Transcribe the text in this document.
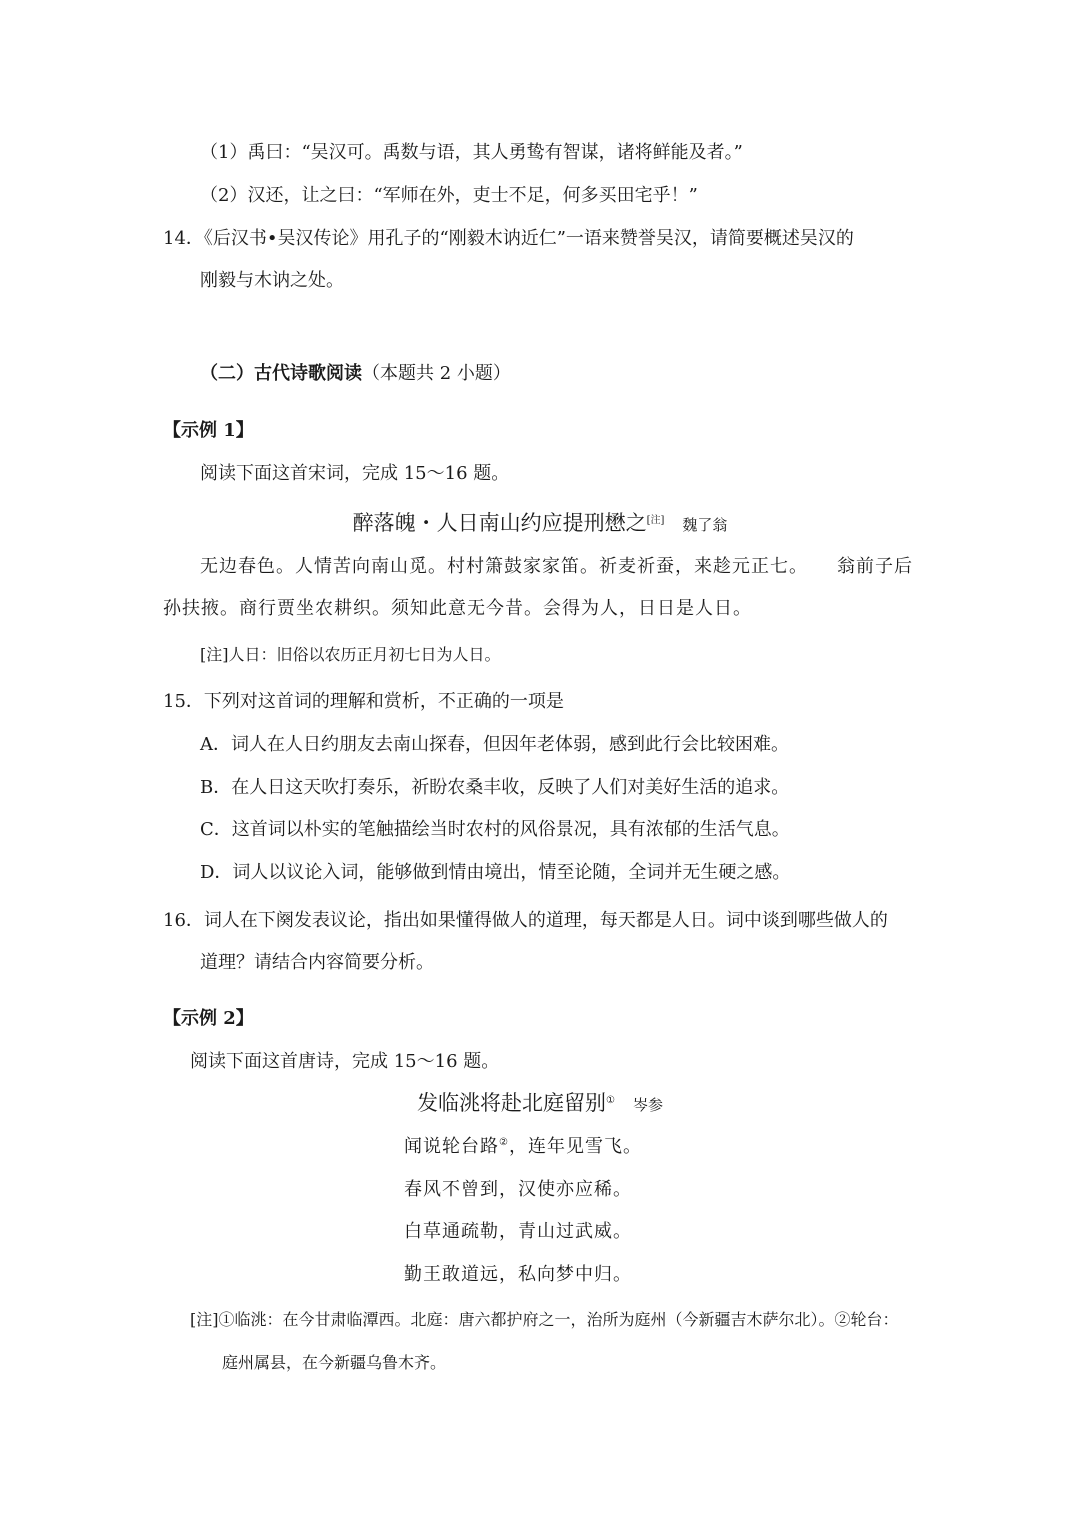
（1）禹曰：“吴汉可。禹数与语，其人勇鸷有智谋，诸将鲜能及者。”
（2）汉还，让之曰：“军师在外，吏士不足，何多买田宅乎！”
14．《后汉书•吴汉传论》用孔子的“刚毅木讷近仁”一语来赞誉吴汉，请简要概述吴汉的
刚毅与木讷之处。
（二）古代诗歌阅读（本题共 2 小题）
【示例 1】
阅读下面这首宋词，完成 15～16 题。
醉落魄・人日南山约应提刑懋之[注] 魏了翁
无边春色。人情苦向南山觅。村村箫鼓家家笛。祈麦祈蚕，来趁元正七。　　翁前子后
孙扶掖。商行贾坐农耕织。须知此意无今昔。会得为人，日日是人日。
[注]人日：旧俗以农历正月初七日为人日。
15．下列对这首词的理解和赏析，不正确的一项是
A．词人在人日约朋友去南山探春，但因年老体弱，感到此行会比较困难。
B．在人日这天吹打奏乐，祈盼农桑丰收，反映了人们对美好生活的追求。
C．这首词以朴实的笔触描绘当时农村的风俗景况，具有浓郁的生活气息。
D．词人以议论入词，能够做到情由境出，情至论随，全词并无生硬之感。
16．词人在下阕发表议论，指出如果懂得做人的道理，每天都是人日。词中谈到哪些做人的
道理？请结合内容简要分析。
【示例 2】
阅读下面这首唐诗，完成 15～16 题。
发临洮将赴北庭留别① 岑参
闻说轮台路②，连年见雪飞。
春风不曾到，汉使亦应稀。
白草通疏勒，青山过武威。
勤王敢道远，私向梦中归。
[注]①临洮：在今甘肃临潭西。北庭：唐六都护府之一，治所为庭州（今新疆吉木萨尔北）。②轮台：
庭州属县，在今新疆乌鲁木齐。
